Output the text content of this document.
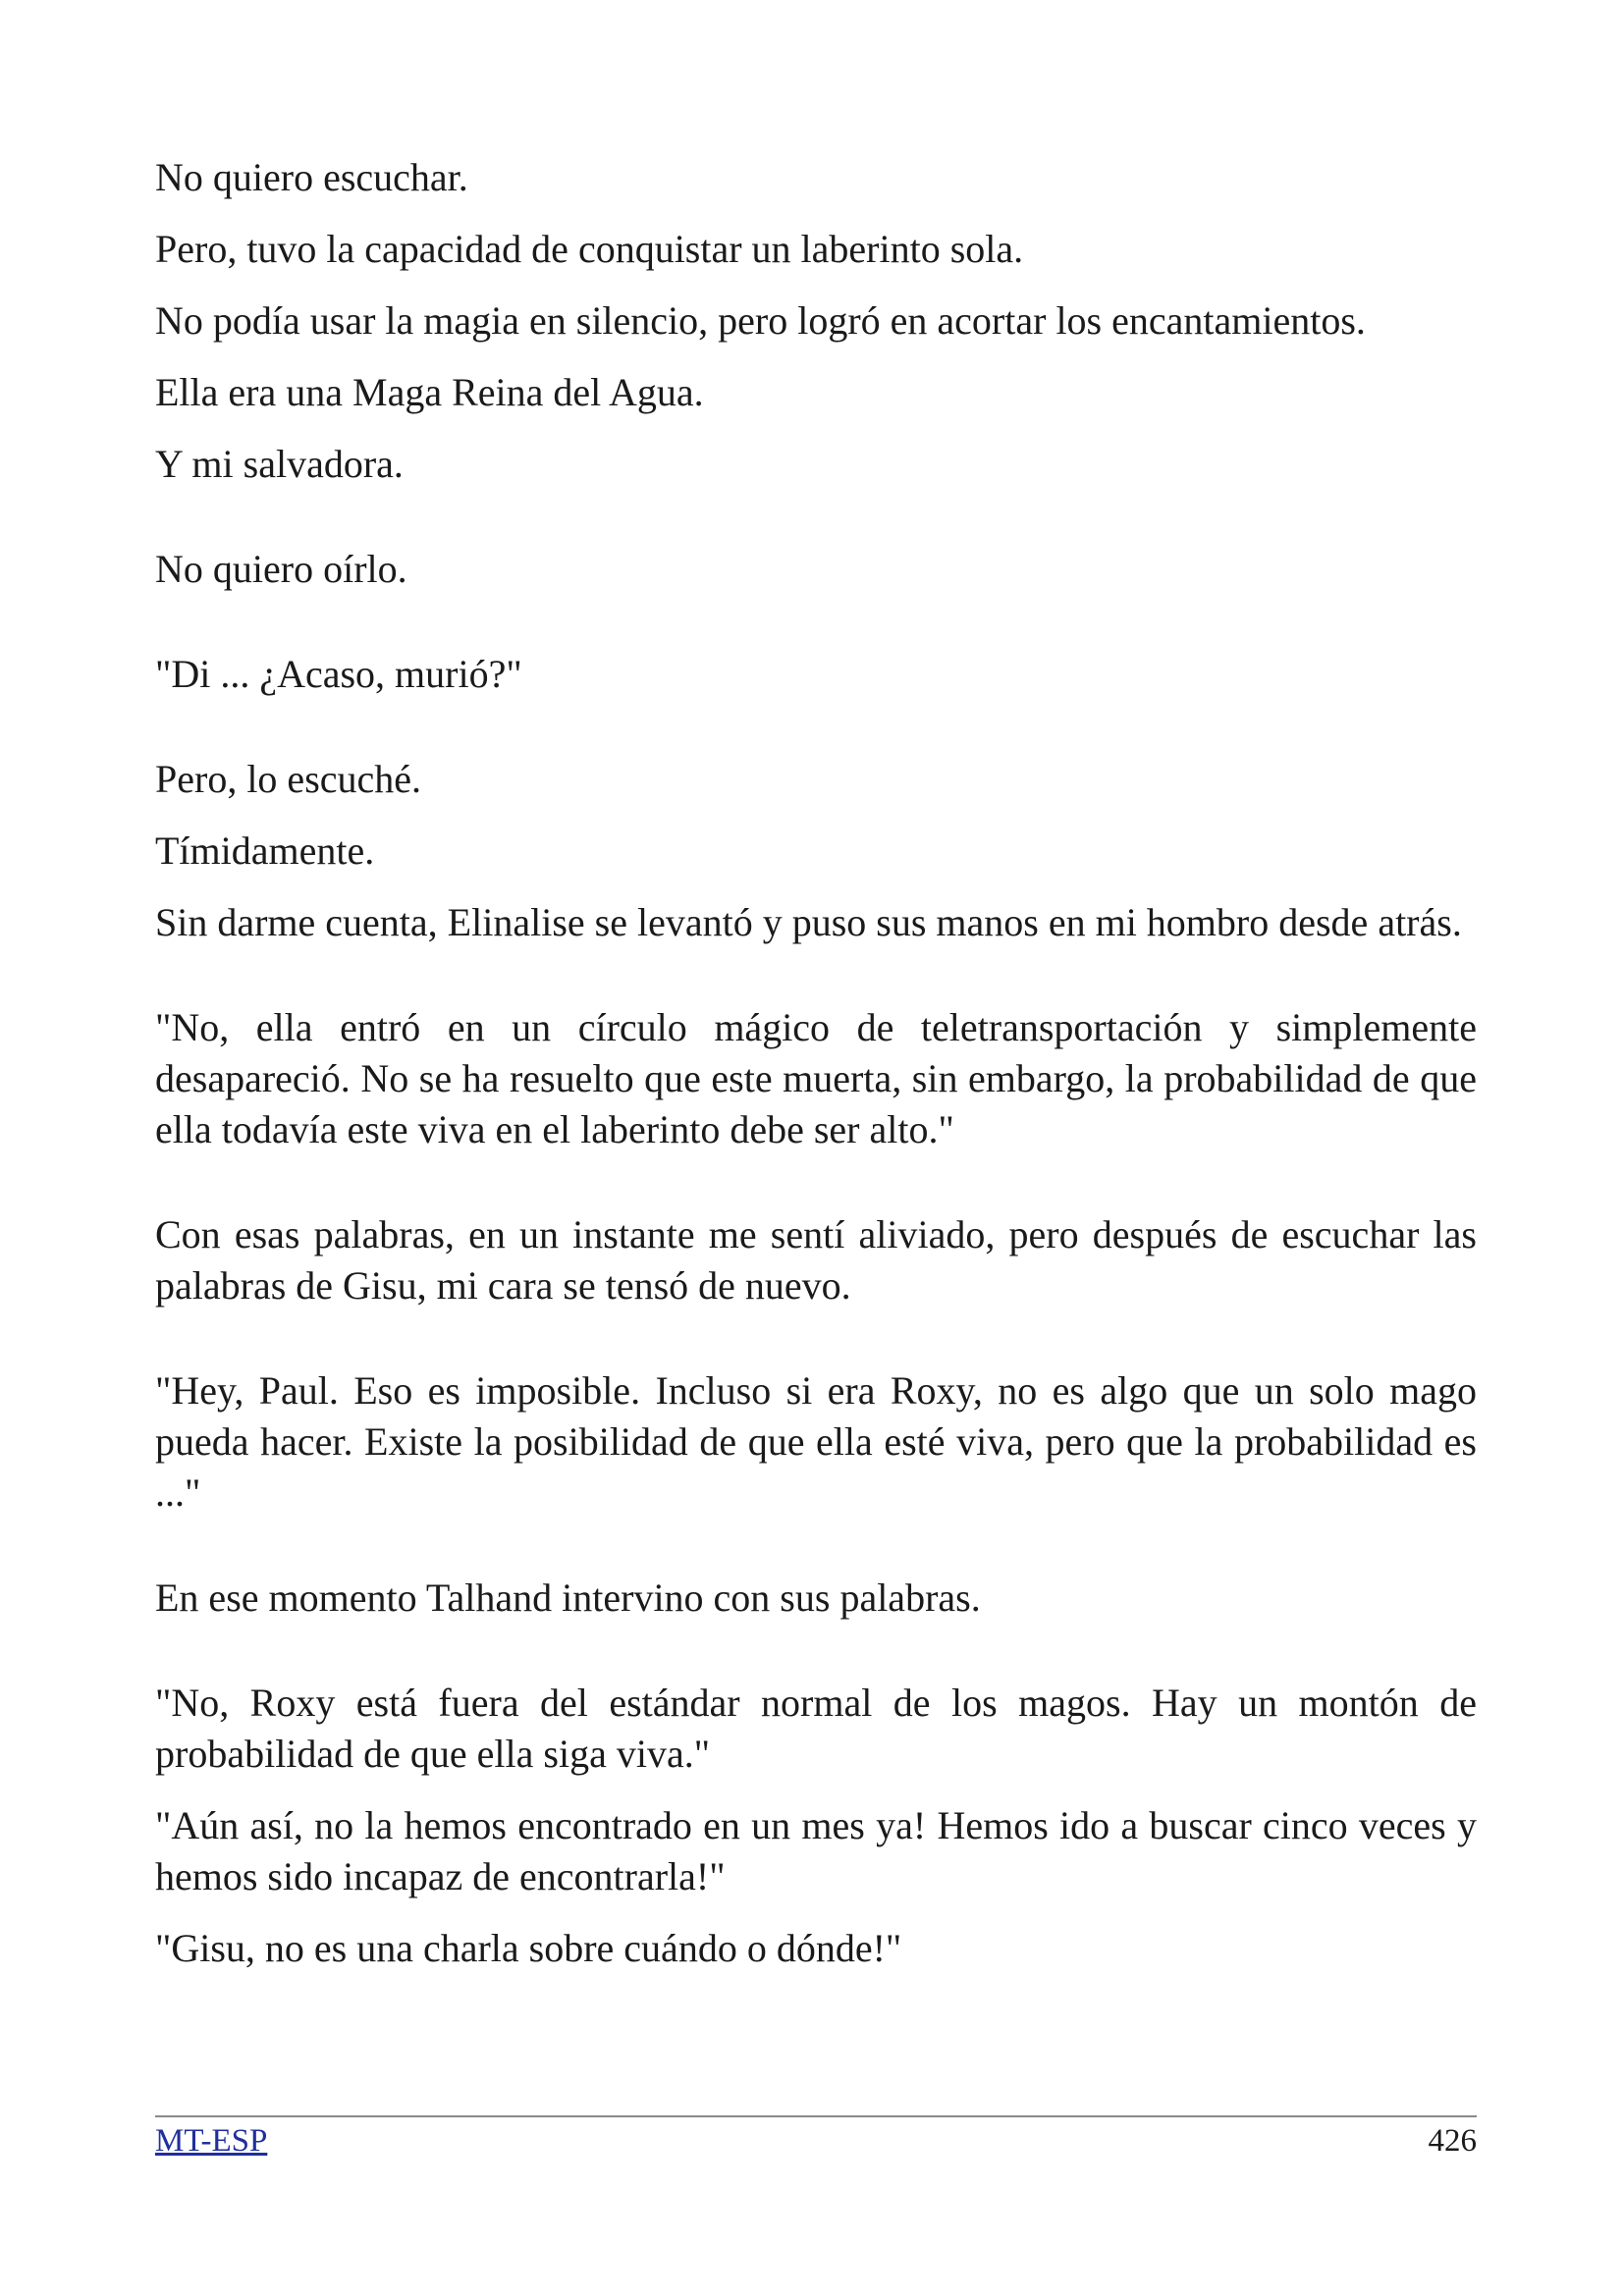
No quiero escuchar.

Pero, tuvo la capacidad de conquistar un laberinto sola.

No podía usar la magia en silencio, pero logró en acortar los encantamientos.

Ella era una Maga Reina del Agua.

Y mi salvadora.

No quiero oírlo.

"Di ... ¿Acaso, murió?"

Pero, lo escuché.

Tímidamente.

Sin darme cuenta, Elinalise se levantó y puso sus manos en mi hombro desde atrás.

"No, ella entró en un círculo mágico de teletransportación y simplemente desapareció. No se ha resuelto que este muerta, sin embargo, la probabilidad de que ella todavía este viva en el laberinto debe ser alto."

Con esas palabras, en un instante me sentí aliviado, pero después de escuchar las palabras de Gisu, mi cara se tensó de nuevo.

"Hey, Paul. Eso es imposible. Incluso si era Roxy, no es algo que un solo mago pueda hacer. Existe la posibilidad de que ella esté viva, pero que la probabilidad es ..."

En ese momento Talhand intervino con sus palabras.

"No, Roxy está fuera del estándar normal de los magos. Hay un montón de probabilidad de que ella siga viva."

"Aún así, no la hemos encontrado en un mes ya! Hemos ido a buscar cinco veces y hemos sido incapaz de encontrarla!"

"Gisu, no es una charla sobre cuándo o dónde!"

MT-ESP	426
